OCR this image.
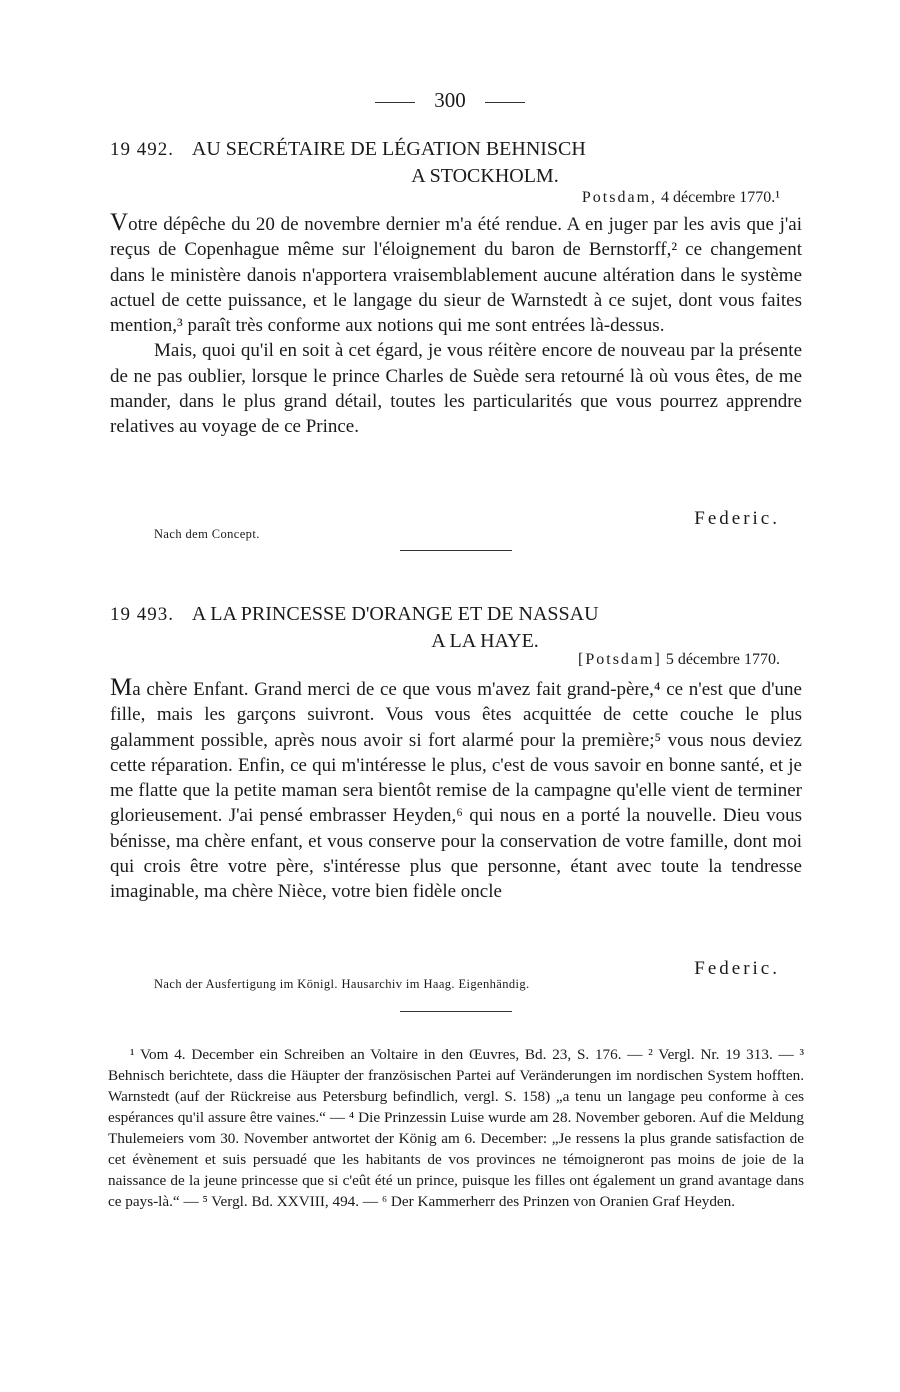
300
19 492. AU SECRÉTAIRE DE LÉGATION BEHNISCH
A STOCKHOLM.
Potsdam, 4 décembre 1770.¹

Votre dépêche du 20 de novembre dernier m'a été rendue. A en juger par les avis que j'ai reçus de Copenhague même sur l'éloignement du baron de Bernstorff,² ce changement dans le ministère danois n'apportera vraisemblablement aucune altération dans le système actuel de cette puissance, et le langage du sieur de Warnstedt à ce sujet, dont vous faites mention,³ paraît très conforme aux notions qui me sont entrées là-dessus.

Mais, quoi qu'il en soit à cet égard, je vous réitère encore de nouveau par la présente de ne pas oublier, lorsque le prince Charles de Suède sera retourné là où vous êtes, de me mander, dans le plus grand détail, toutes les particularités que vous pourrez apprendre relatives au voyage de ce Prince.

Federic.
Nach dem Concept.
19 493. A LA PRINCESSE D'ORANGE ET DE NASSAU
A LA HAYE.
[Potsdam] 5 décembre 1770.

Ma chère Enfant. Grand merci de ce que vous m'avez fait grand-père,⁴ ce n'est que d'une fille, mais les garçons suivront. Vous vous êtes acquittée de cette couche le plus galamment possible, après nous avoir si fort alarmé pour la première;⁵ vous nous deviez cette réparation. Enfin, ce qui m'intéresse le plus, c'est de vous savoir en bonne santé, et je me flatte que la petite maman sera bientôt remise de la campagne qu'elle vient de terminer glorieusement. J'ai pensé embrasser Heyden,⁶ qui nous en a porté la nouvelle. Dieu vous bénisse, ma chère enfant, et vous conserve pour la conservation de votre famille, dont moi qui crois être votre père, s'intéresse plus que personne, étant avec toute la tendresse imaginable, ma chère Nièce, votre bien fidèle oncle

Federic.
Nach der Ausfertigung im Königl. Hausarchiv im Haag. Eigenhändig.

¹ Vom 4. December ein Schreiben an Voltaire in den Œuvres, Bd. 23, S. 176. — ² Vergl. Nr. 19 313. — ³ Behnisch berichtete, dass die Häupter der französischen Partei auf Veränderungen im nordischen System hofften. Warnstedt (auf der Rückreise aus Petersburg befindlich, vergl. S. 158) „a tenu un langage peu conforme à ces espérances qu'il assure être vaines.“ — ⁴ Die Prinzessin Luise wurde am 28. November geboren. Auf die Meldung Thulemeiers vom 30. November antwortet der König am 6. December: „Je ressens la plus grande satisfaction de cet évènement et suis persuadé que les habitants de vos provinces ne témoigneront pas moins de joie de la naissance de la jeune princesse que si c'eût été un prince, puisque les filles ont également un grand avantage dans ce pays-là.“ — ⁵ Vergl. Bd. XXVIII, 494. — ⁶ Der Kammerherr des Prinzen von Oranien Graf Heyden.
